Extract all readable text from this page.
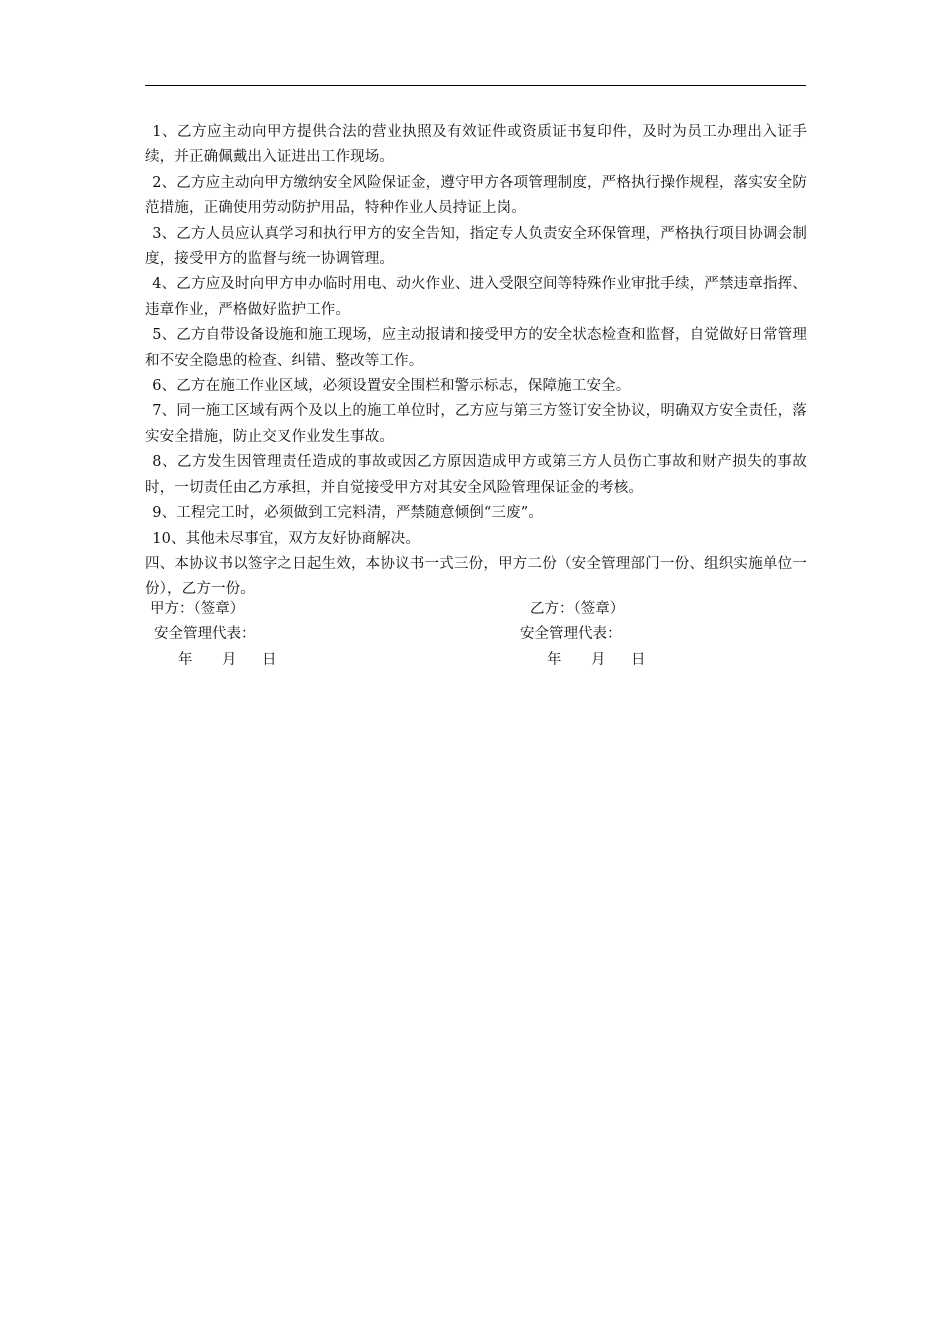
1、乙方应主动向甲方提供合法的营业执照及有效证件或资质证书复印件，及时为员工办理出入证手续，并正确佩戴出入证进出工作现场。

2、乙方应主动向甲方缴纳安全风险保证金，遵守甲方各项管理制度，严格执行操作规程，落实安全防范措施，正确使用劳动防护用品，特种作业人员持证上岗。

3、乙方人员应认真学习和执行甲方的安全告知，指定专人负责安全环保管理，严格执行项目协调会制度，接受甲方的监督与统一协调管理。

4、乙方应及时向甲方申办临时用电、动火作业、进入受限空间等特殊作业审批手续，严禁违章指挥、违章作业，严格做好监护工作。

5、乙方自带设备设施和施工现场，应主动报请和接受甲方的安全状态检查和监督，自觉做好日常管理和不安全隐患的检查、纠错、整改等工作。

6、乙方在施工作业区域，必须设置安全围栏和警示标志，保障施工安全。

7、同一施工区域有两个及以上的施工单位时，乙方应与第三方签订安全协议，明确双方安全责任，落实安全措施，防止交叉作业发生事故。

8、乙方发生因管理责任造成的事故或因乙方原因造成甲方或第三方人员伤亡事故和财产损失的事故时，一切责任由乙方承担，并自觉接受甲方对其安全风险管理保证金的考核。

9、工程完工时，必须做到工完料清，严禁随意倾倒“三废”。

10、其他未尽事宜，双方友好协商解决。

四、本协议书以签字之日起生效，本协议书一式三份，甲方二份（安全管理部门一份、组织实施单位一份），乙方一份。

甲方：（签章）

安全管理代表：

年	月	日

乙方：（签章）

安全管理代表：

年	月	日
